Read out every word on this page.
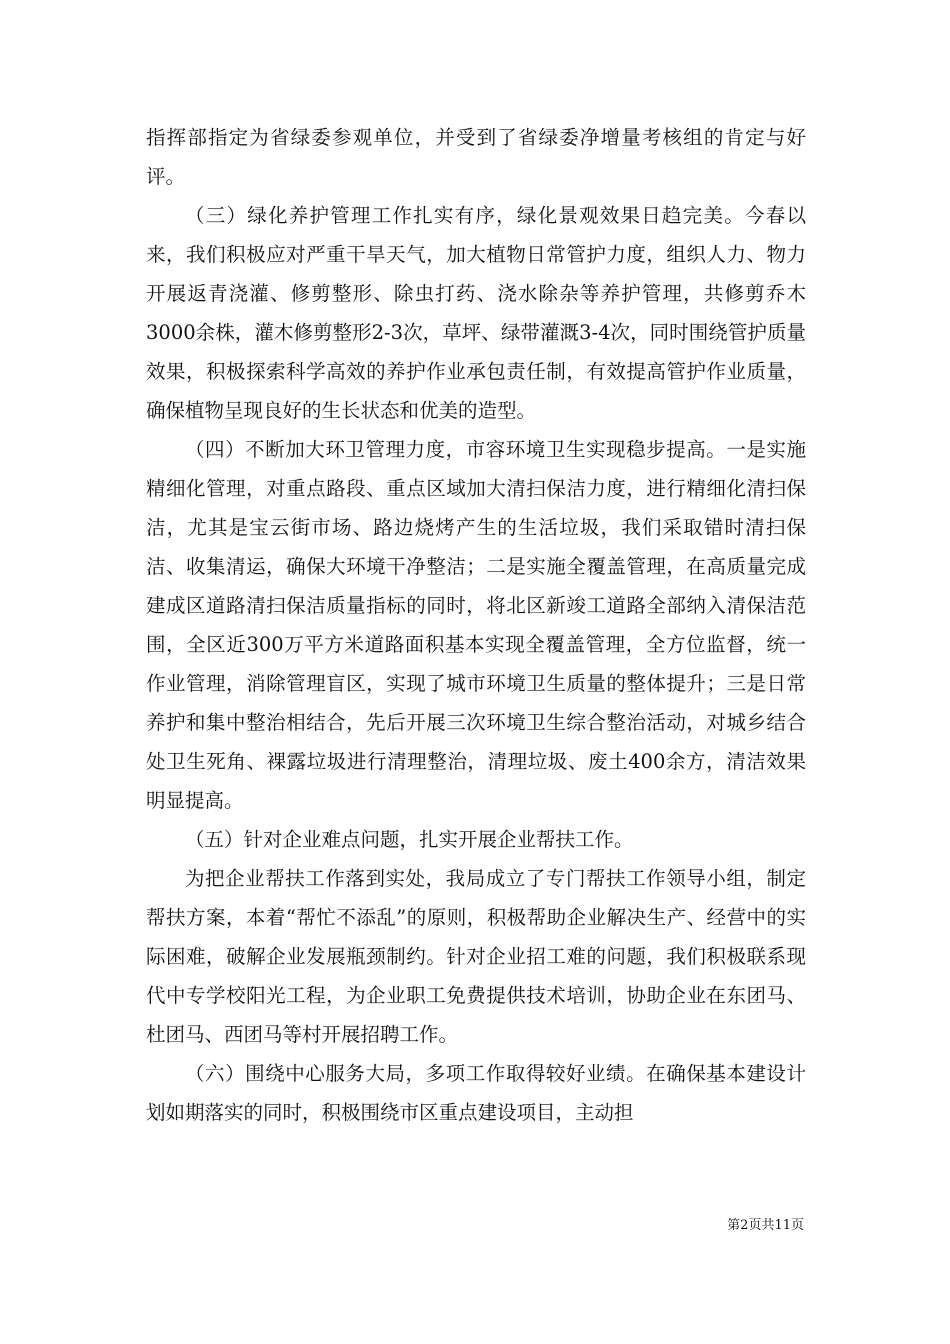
指挥部指定为省绿委参观单位，并受到了省绿委净增量考核组的肯定与好评。

（三）绿化养护管理工作扎实有序，绿化景观效果日趋完美。今春以来，我们积极应对严重干旱天气，加大植物日常管护力度，组织人力、物力开展返青浇灌、修剪整形、除虫打药、浇水除杂等养护管理，共修剪乔木3000余株，灌木修剪整形2-3次，草坪、绿带灌溉3-4次，同时围绕管护质量效果，积极探索科学高效的养护作业承包责任制，有效提高管护作业质量，确保植物呈现良好的生长状态和优美的造型。

（四）不断加大环卫管理力度，市容环境卫生实现稳步提高。一是实施精细化管理，对重点路段、重点区域加大清扫保洁力度，进行精细化清扫保洁，尤其是宝云街市场、路边烧烤产生的生活垃圾，我们采取错时清扫保洁、收集清运，确保大环境干净整洁；二是实施全覆盖管理，在高质量完成建成区道路清扫保洁质量指标的同时，将北区新竣工道路全部纳入清保洁范围，全区近300万平方米道路面积基本实现全覆盖管理，全方位监督，统一作业管理，消除管理盲区，实现了城市环境卫生质量的整体提升；三是日常养护和集中整治相结合，先后开展三次环境卫生综合整治活动，对城乡结合处卫生死角、裸露垃圾进行清理整治，清理垃圾、废土400余方，清洁效果明显提高。

（五）针对企业难点问题，扎实开展企业帮扶工作。

为把企业帮扶工作落到实处，我局成立了专门帮扶工作领导小组，制定帮扶方案，本着“帮忙不添乱”的原则，积极帮助企业解决生产、经营中的实际困难，破解企业发展瓶颈制约。针对企业招工难的问题，我们积极联系现代中专学校阳光工程，为企业职工免费提供技术培训，协助企业在东团马、杜团马、西团马等村开展招聘工作。

（六）围绕中心服务大局，多项工作取得较好业绩。在确保基本建设计划如期落实的同时，积极围绕市区重点建设项目，主动担

第2页共11页
